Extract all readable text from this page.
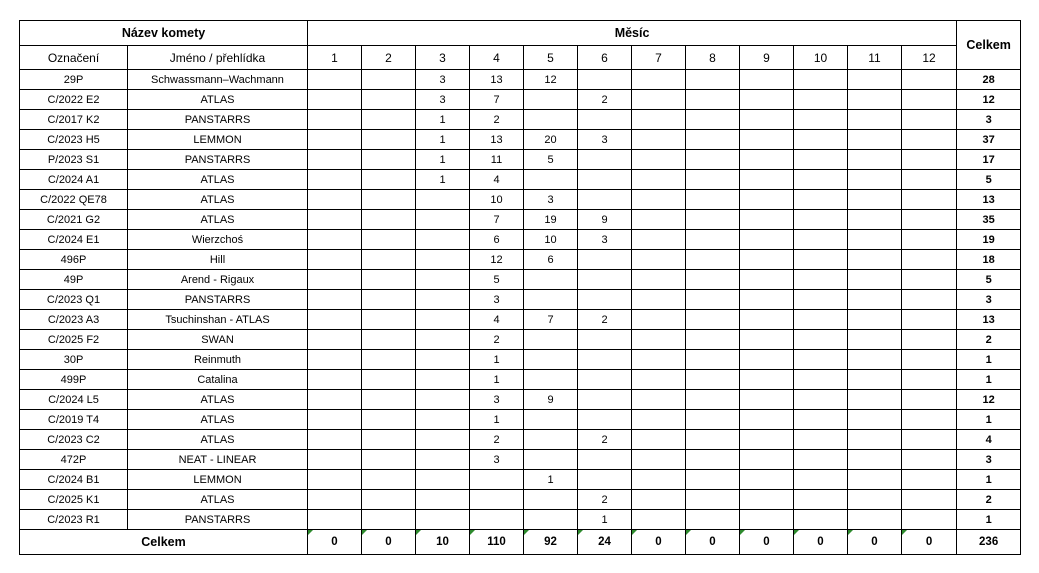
Název komety		Měsíc												Celkem
Označení	Jméno / přehlídka	1	2	3	4	5	6	7	8	9	10	11	12	
29P	Schwassmann–Wachmann			3	13	12								28
C/2022 E2	ATLAS			3	7		2							12
C/2017 K2	PANSTARRS			1	2									3
C/2023 H5	LEMMON			1	13	20	3							37
P/2023 S1	PANSTARRS			1	11	5								17
C/2024 A1	ATLAS			1	4									5
C/2022 QE78	ATLAS				10	3								13
C/2021 G2	ATLAS				7	19	9							35
C/2024 E1	Wierzchoś				6	10	3							19
496P	Hill				12	6								18
49P	Arend - Rigaux				5									5
C/2023 Q1	PANSTARRS				3									3
C/2023 A3	Tsuchinshan - ATLAS				4	7	2							13
C/2025 F2	SWAN				2									2
30P	Reinmuth				1									1
499P	Catalina				1									1
C/2024 L5	ATLAS				3	9								12
C/2019 T4	ATLAS				1									1
C/2023 C2	ATLAS				2		2							4
472P	NEAT - LINEAR				3									3
C/2024 B1	LEMMON					1								1
C/2025 K1	ATLAS						2							2
C/2023 R1	PANSTARRS						1							1
Celkem		0	0	10	110	92	24	0	0	0	0	0	0	236
